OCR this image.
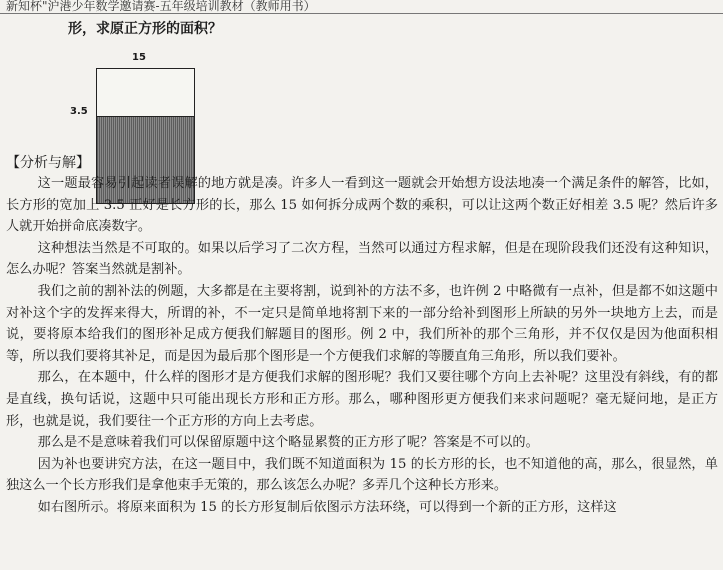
新知杯"沪港少年数学邀请赛-五年级培训教材（教师用书）
形，求原正方形的面积？
15
3.5
【分析与解】

这一题最容易引起读者误解的地方就是凑。许多人一看到这一题就会开始想方设法地凑一个满足条件的解答，比如，长方形的宽加上 3.5 正好是长方形的长，那么 15 如何拆分成两个数的乘积，可以让这两个数正好相差 3.5 呢？然后许多人就开始拼命底凑数字。

这种想法当然是不可取的。如果以后学习了二次方程，当然可以通过方程求解，但是在现阶段我们还没有这种知识，怎么办呢？答案当然就是割补。

我们之前的割补法的例题，大多都是在主要将割，说到补的方法不多，也许例 2 中略微有一点补，但是都不如这题中对补这个字的发挥来得大，所谓的补，不一定只是简单地将割下来的一部分给补到图形上所缺的另外一块地方上去，而是说，要将原本给我们的图形补足成方便我们解题目的图形。例 2 中，我们所补的那个三角形，并不仅仅是因为他面积相等，所以我们要将其补足，而是因为最后那个图形是一个方便我们求解的等腰直角三角形，所以我们要补。

那么，在本题中，什么样的图形才是方便我们求解的图形呢？我们又要往哪个方向上去补呢？这里没有斜线，有的都是直线，换句话说，这题中只可能出现长方形和正方形。那么，哪种图形更方便我们来求问题呢？毫无疑问地，是正方形，也就是说，我们要往一个正方形的方向上去考虑。

那么是不是意味着我们可以保留原题中这个略显累赘的正方形了呢？答案是不可以的。

因为补也要讲究方法，在这一题目中，我们既不知道面积为 15 的长方形的长，也不知道他的高，那么，很显然，单独这么一个长方形我们是拿他束手无策的，那么该怎么办呢？多弄几个这种长方形来。

如右图所示。将原来面积为 15 的长方形复制后依图示方法环绕，可以得到一个新的正方形，这样这
